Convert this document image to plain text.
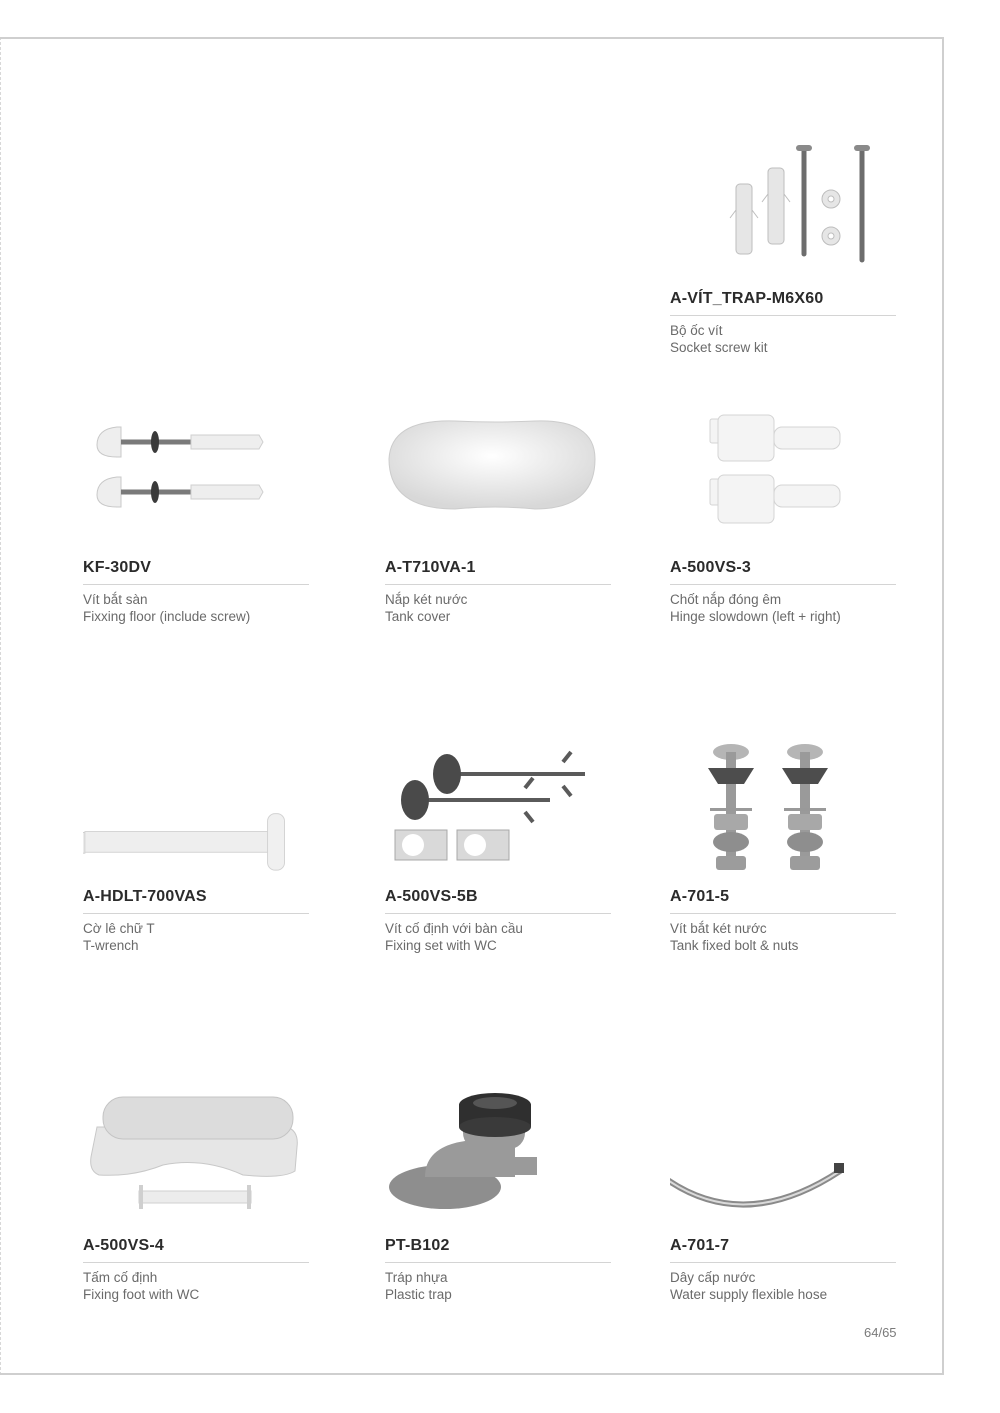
A-VÍT_TRAP-M6X60
Bộ ốc vít
Socket screw kit
KF-30DV
Vít bắt sàn
Fixxing floor (include screw)
A-T710VA-1
Nắp két nước
Tank cover
A-500VS-3
Chốt nắp đóng êm
Hinge slowdown (left + right)
A-HDLT-700VAS
Cờ lê chữ T
T-wrench
A-500VS-5B
Vít cố định với bàn cầu
Fixing set with WC
A-701-5
Vít bắt két nước
Tank fixed bolt & nuts
A-500VS-4
Tấm cố định
Fixing foot with WC
PT-B102
Tráp nhựa
Plastic trap
A-701-7
Dây cấp nước
Water supply flexible hose
64/65
